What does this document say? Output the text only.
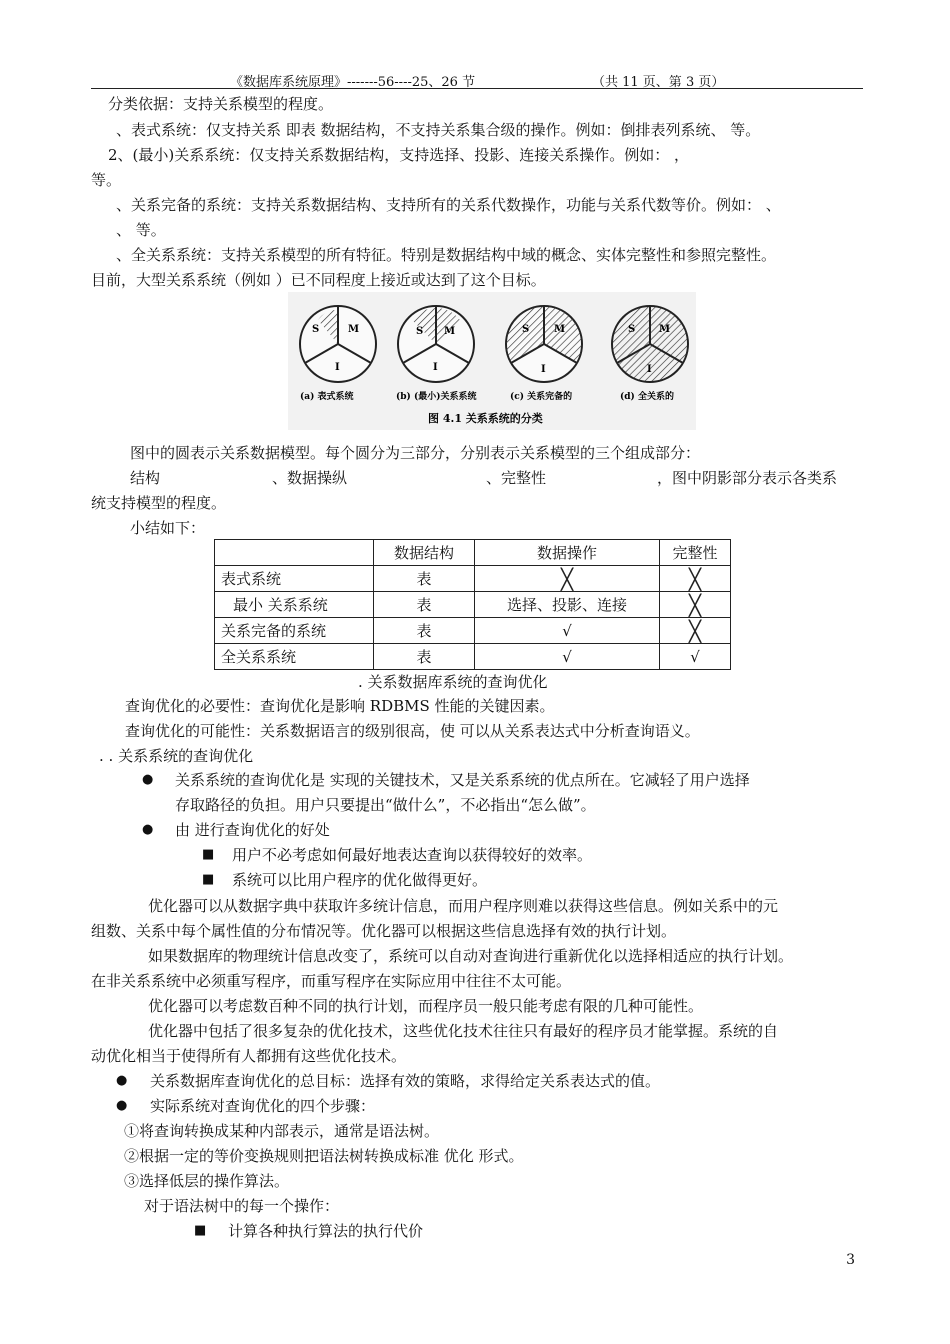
《数据库系统原理》-------56----25、26 节	（共 11 页、第 3 页）
分类依据：支持关系模型的程度。
、表式系统：仅支持关系 即表 数据结构，不支持关系集合级的操作。例如：倒排表列系统、 等。
2、(最小)关系系统：仅支持关系数据结构，支持选择、投影、连接关系操作。例如： ，
等。
、关系完备的系统：支持关系数据结构、支持所有的关系代数操作，功能与关系代数等价。例如： 、
、 等。
、全关系系统：支持关系模型的所有特征。特别是数据结构中域的概念、实体完整性和参照完整性。
目前，大型关系系统（例如 ）已不同程度上接近或达到了这个目标。
S	M
I
S M
I
S M
I
S M
I
(a) 表式系统	(b) (最小)关系系统	(c) 关系完备的	(d) 全关系的
图 4.1 关系系统的分类
图中的圆表示关系数据模型。每个圆分为三部分，分别表示关系模型的三个组成部分：
结构	、数据操纵	、完整性	，图中阴影部分表示各类系
统支持模型的程度。
小结如下：
	数据结构	数据操作	完整性
表式系统	表	╳	╳
最小 关系系统	表	选择、投影、连接	╳
关系完备的系统	表	√	╳
全关系系统	表	√	√
. 关系数据库系统的查询优化
查询优化的必要性：查询优化是影响 RDBMS 性能的关键因素。
查询优化的可能性：关系数据语言的级别很高，使 可以从关系表达式中分析查询语义。
. . 关系系统的查询优化
● 关系系统的查询优化是 实现的关键技术，又是关系系统的优点所在。它减轻了用户选择
存取路径的负担。用户只要提出“做什么”，不必指出“怎么做”。
● 由 进行查询优化的好处
■ 用户不必考虑如何最好地表达查询以获得较好的效率。
■ 系统可以比用户程序的优化做得更好。
优化器可以从数据字典中获取许多统计信息，而用户程序则难以获得这些信息。例如关系中的元
组数、关系中每个属性值的分布情况等。优化器可以根据这些信息选择有效的执行计划。
如果数据库的物理统计信息改变了，系统可以自动对查询进行重新优化以选择相适应的执行计划。
在非关系系统中必须重写程序，而重写程序在实际应用中往往不太可能。
优化器可以考虑数百种不同的执行计划，而程序员一般只能考虑有限的几种可能性。
优化器中包括了很多复杂的优化技术，这些优化技术往往只有最好的程序员才能掌握。系统的自
动优化相当于使得所有人都拥有这些优化技术。
● 关系数据库查询优化的总目标：选择有效的策略，求得给定关系表达式的值。
● 实际系统对查询优化的四个步骤：
①将查询转换成某种内部表示，通常是语法树。
②根据一定的等价变换规则把语法树转换成标准 优化 形式。
③选择低层的操作算法。
对于语法树中的每一个操作：
■ 计算各种执行算法的执行代价
3
